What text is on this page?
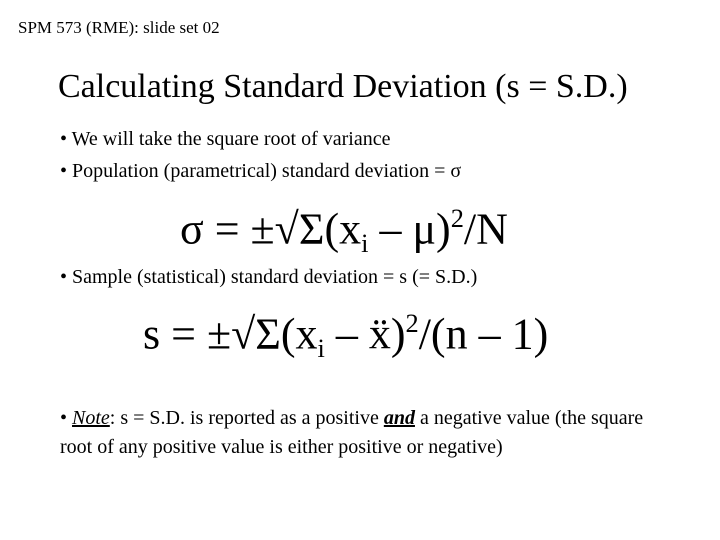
SPM 573 (RME): slide set 02
Calculating Standard Deviation (s = S.D.)
• We will take the square root of variance
• Population (parametrical) standard deviation = σ
$\sigma = \pm√\Sigma(x_i - \mu)^2/N$
• Sample (statistical) standard deviation = s (= S.D.)
$s = \pm√\Sigma(x_i$ – ẍ)$^2$/(n – 1)
• Note: s = S.D. is reported as a positive and a negative value (the square root of any positive value is either positive or negative)
